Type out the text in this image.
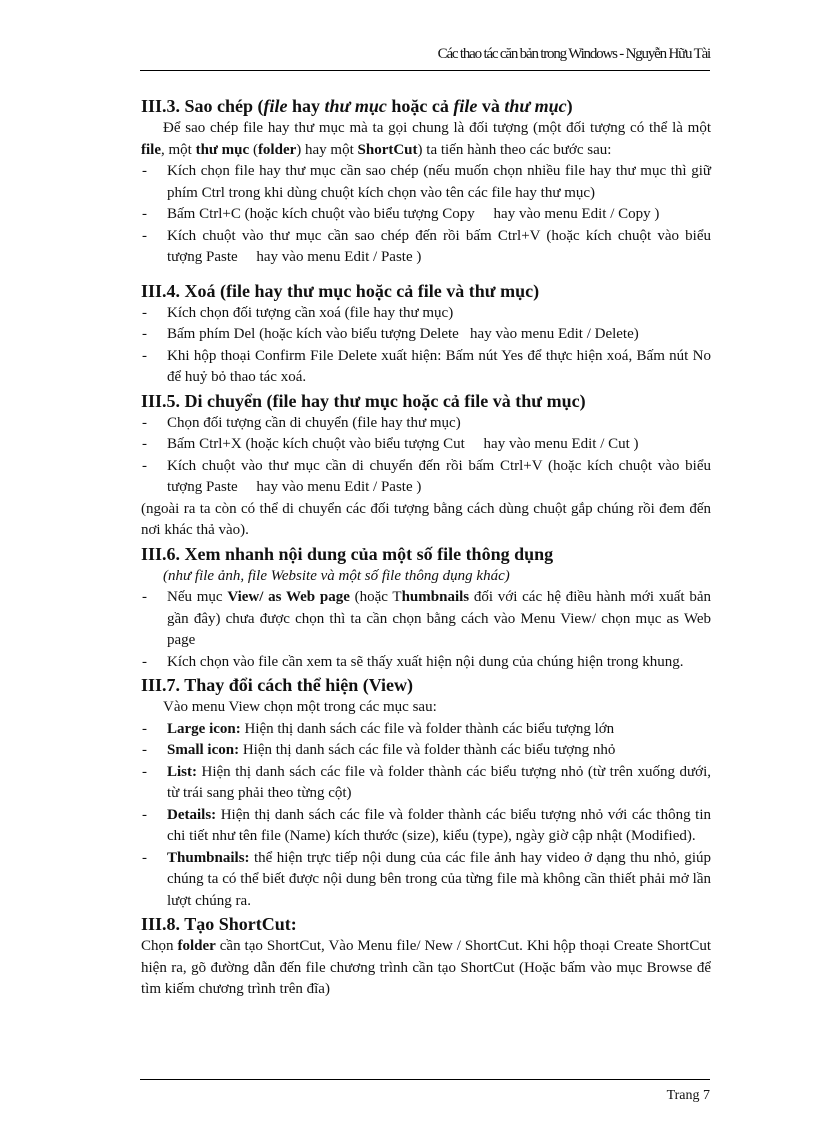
Các thao tác căn bản trong Windows - Nguyễn Hữu Tài
III.3. Sao chép (file hay thư mục hoặc cả file và thư mục)

Để sao chép file hay thư mục mà ta gọi chung là đối tượng (một đối tượng có thể là một file, một thư mục (folder) hay một ShortCut) ta tiến hành theo các bước sau:

- Kích chọn file hay thư mục cần sao chép (nếu muốn chọn nhiều file hay thư mục thì giữ phím Ctrl trong khi dùng chuột kích chọn vào tên các file hay thư mục)
- Bấm Ctrl+C (hoặc kích chuột vào biểu tượng Copy     hay vào menu Edit / Copy )
- Kích chuột vào thư mục cần sao chép đến rồi bấm Ctrl+V (hoặc kích chuột vào biểu tượng Paste     hay vào menu Edit / Paste )
III.4. Xoá (file hay thư mục hoặc cả file và thư mục)
- Kích chọn đối tượng cần xoá (file hay thư mục)
- Bấm phím Del (hoặc kích vào biểu tượng Delete   hay vào menu Edit / Delete)
- Khi hộp thoại Confirm File Delete xuất hiện: Bấm nút Yes để thực hiện xoá, Bấm nút No để huỷ bỏ thao tác xoá.
III.5. Di chuyển (file hay thư mục hoặc cả file và thư mục)
- Chọn đối tượng cần di chuyển (file hay thư mục)
- Bấm Ctrl+X (hoặc kích chuột vào biểu tượng Cut     hay vào menu Edit / Cut )
- Kích chuột vào thư mục cần di chuyển đến rồi bấm Ctrl+V (hoặc kích chuột vào biểu tượng Paste     hay vào menu Edit / Paste )

(ngoài ra ta còn có thể di chuyển các đối tượng bằng cách dùng chuột gắp chúng rồi đem đến nơi khác thả vào).

III.6. Xem nhanh nội dung của một số file thông dụng

(như file ảnh, file Website và một số file thông dụng khác)

- Nếu mục View/ as Web page (hoặc Thumbnails đối với các hệ điều hành mới xuất bản gần đây) chưa được chọn thì ta cần chọn bằng cách vào Menu View/ chọn mục as Web page
- Kích chọn vào file cần xem ta sẽ thấy xuất hiện nội dung của chúng hiện trong khung.
III.7. Thay đổi cách thể hiện (View)

Vào menu View chọn một trong các mục sau:

- Large icon: Hiện thị danh sách các file và folder thành các biểu tượng lớn
- Small icon: Hiện thị danh sách các file và folder thành các biểu tượng nhỏ
- List: Hiện thị danh sách các file và folder thành các biểu tượng nhỏ (từ trên xuống dưới, từ trái sang phải theo từng cột)
- Details: Hiện thị danh sách các file và folder thành các biểu tượng nhỏ với các thông tin chi tiết như tên file (Name) kích thước (size), kiểu (type), ngày giờ cập nhật (Modified).
- Thumbnails: thể hiện trực tiếp nội dung của các file ảnh hay video ở dạng thu nhỏ, giúp chúng ta có thể biết được nội dung bên trong của từng file mà không cần thiết phải mở lần lượt chúng ra.
III.8. Tạo ShortCut:

Chọn folder cần tạo ShortCut, Vào Menu file/ New / ShortCut. Khi hộp thoại Create ShortCut hiện ra, gõ đường dẫn đến file chương trình cần tạo ShortCut (Hoặc bấm vào mục Browse để tìm kiếm chương trình trên đĩa)

Trang 7
